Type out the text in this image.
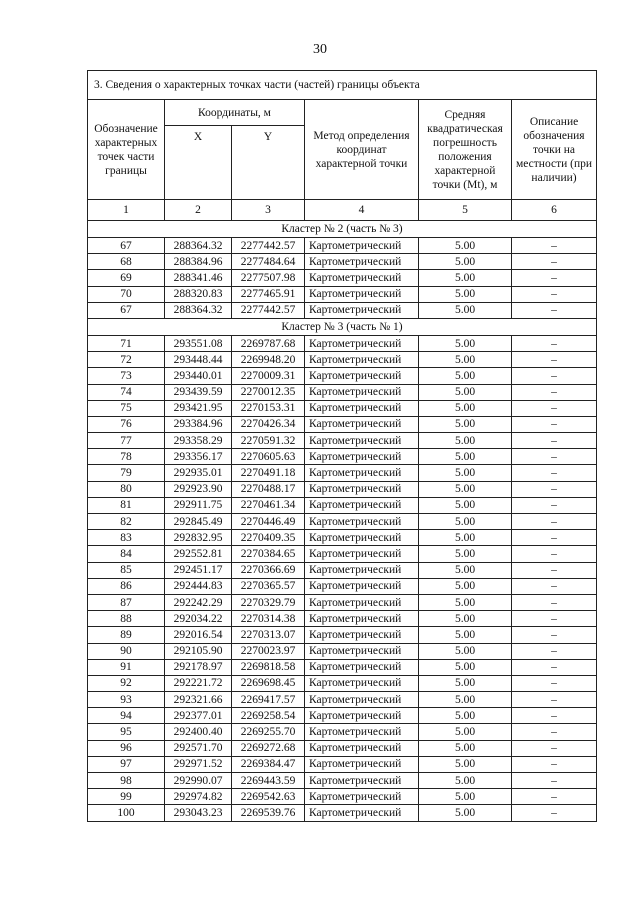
30
3. Сведения о характерных точках части (частей) границы объекта					
Обозначение характерных точек части границы	Координаты, м		Метод определения координат характерной точки	Средняя квадратическая погрешность положения характерной точки (Mt), м	Описание обозначения точки на местности (при наличии)
	X	Y			
1	2	3	4	5	6
Кластер № 2 (часть № 3)					
67	288364.32	2277442.57	Картометрический	5.00	–
68	288384.96	2277484.64	Картометрический	5.00	–
69	288341.46	2277507.98	Картометрический	5.00	–
70	288320.83	2277465.91	Картометрический	5.00	–
67	288364.32	2277442.57	Картометрический	5.00	–
Кластер № 3 (часть № 1)					
71	293551.08	2269787.68	Картометрический	5.00	–
72	293448.44	2269948.20	Картометрический	5.00	–
73	293440.01	2270009.31	Картометрический	5.00	–
74	293439.59	2270012.35	Картометрический	5.00	–
75	293421.95	2270153.31	Картометрический	5.00	–
76	293384.96	2270426.34	Картометрический	5.00	–
77	293358.29	2270591.32	Картометрический	5.00	–
78	293356.17	2270605.63	Картометрический	5.00	–
79	292935.01	2270491.18	Картометрический	5.00	–
80	292923.90	2270488.17	Картометрический	5.00	–
81	292911.75	2270461.34	Картометрический	5.00	–
82	292845.49	2270446.49	Картометрический	5.00	–
83	292832.95	2270409.35	Картометрический	5.00	–
84	292552.81	2270384.65	Картометрический	5.00	–
85	292451.17	2270366.69	Картометрический	5.00	–
86	292444.83	2270365.57	Картометрический	5.00	–
87	292242.29	2270329.79	Картометрический	5.00	–
88	292034.22	2270314.38	Картометрический	5.00	–
89	292016.54	2270313.07	Картометрический	5.00	–
90	292105.90	2270023.97	Картометрический	5.00	–
91	292178.97	2269818.58	Картометрический	5.00	–
92	292221.72	2269698.45	Картометрический	5.00	–
93	292321.66	2269417.57	Картометрический	5.00	–
94	292377.01	2269258.54	Картометрический	5.00	–
95	292400.40	2269255.70	Картометрический	5.00	–
96	292571.70	2269272.68	Картометрический	5.00	–
97	292971.52	2269384.47	Картометрический	5.00	–
98	292990.07	2269443.59	Картометрический	5.00	–
99	292974.82	2269542.63	Картометрический	5.00	–
100	293043.23	2269539.76	Картометрический	5.00	–
